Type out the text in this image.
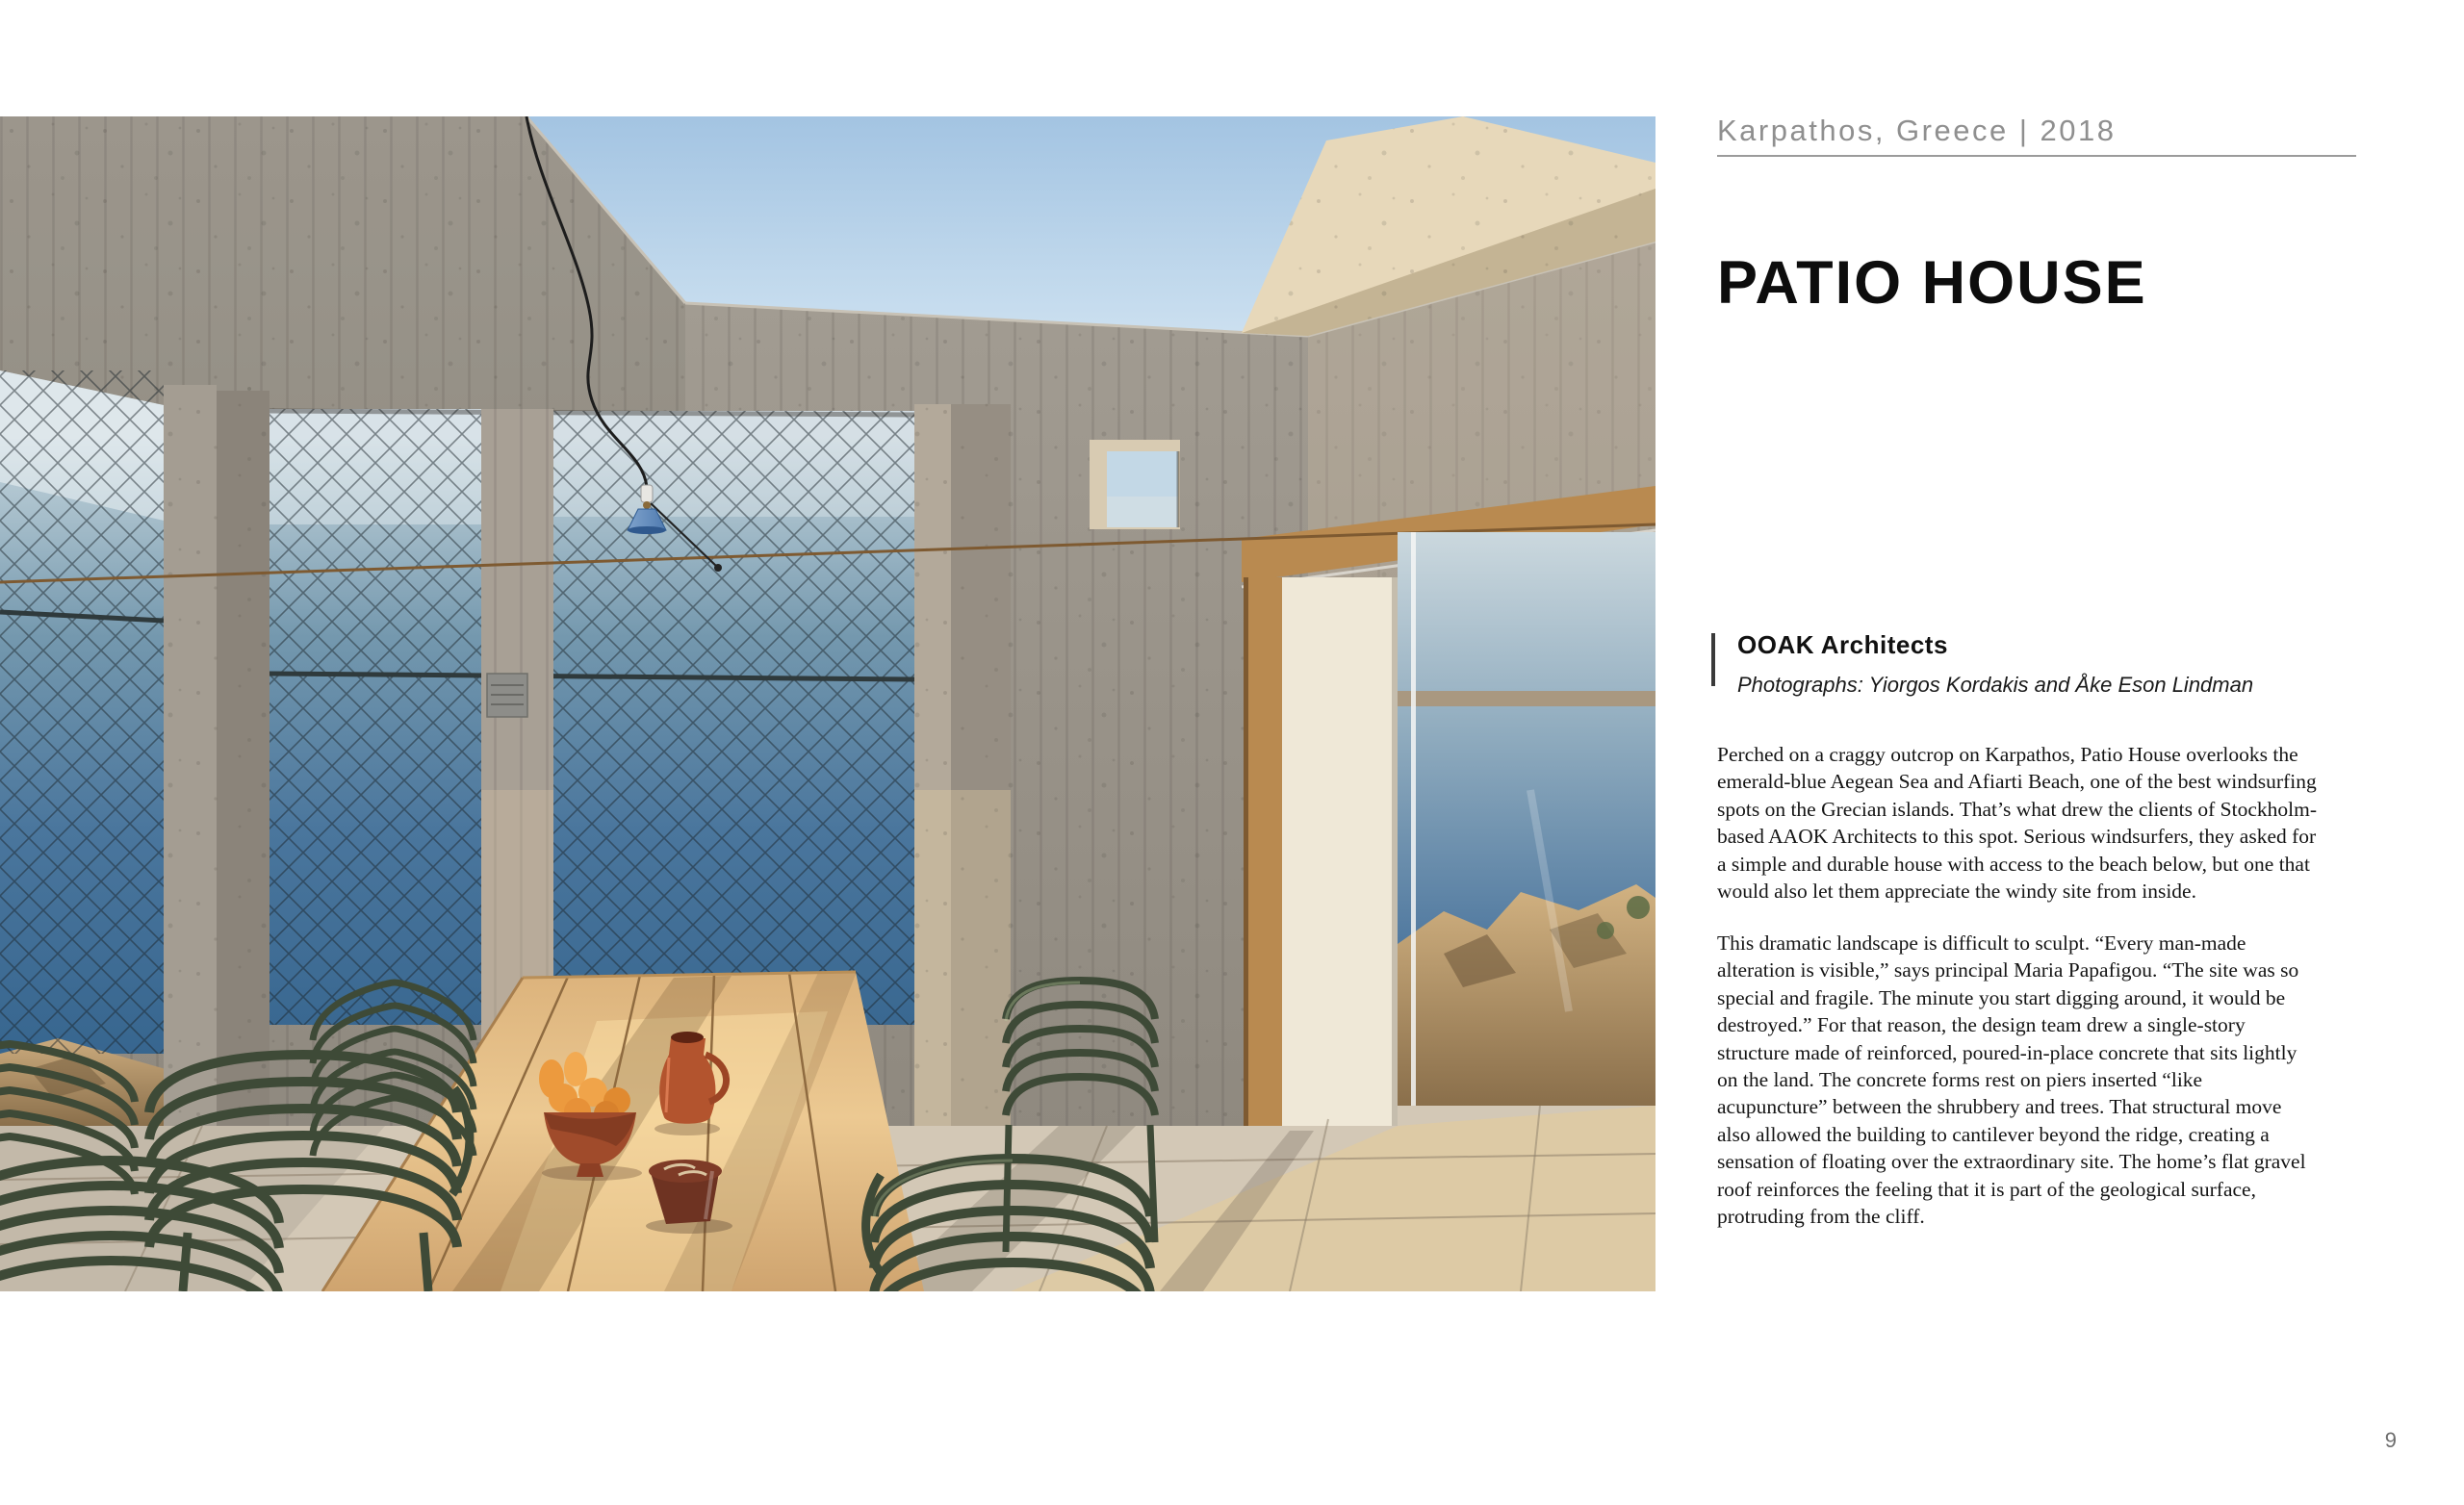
Karpathos, Greece | 2018
PATIO HOUSE
OOAK Architects
Photographs: Yiorgos Kordakis and Åke Eson Lindman
Perched on a craggy outcrop on Karpathos, Patio House overlooks the
emerald-blue Aegean Sea and Afiarti Beach, one of the best windsurfing
spots on the Grecian islands. That’s what drew the clients of Stockholm-
based AAOK Architects to this spot. Serious windsurfers, they asked for
a simple and durable house with access to the beach below, but one that
would also let them appreciate the windy site from inside.
This dramatic landscape is difficult to sculpt. “Every man-made
alteration is visible,” says principal Maria Papafigou. “The site was so
special and fragile. The minute you start digging around, it would be
destroyed.” For that reason, the design team drew a single-story
structure made of reinforced, poured-in-place concrete that sits lightly
on the land. The concrete forms rest on piers inserted “like
acupuncture” between the shrubbery and trees. That structural move
also allowed the building to cantilever beyond the ridge, creating a
sensation of floating over the extraordinary site. The home’s flat gravel
roof reinforces the feeling that it is part of the geological surface,
protruding from the cliff.
9
